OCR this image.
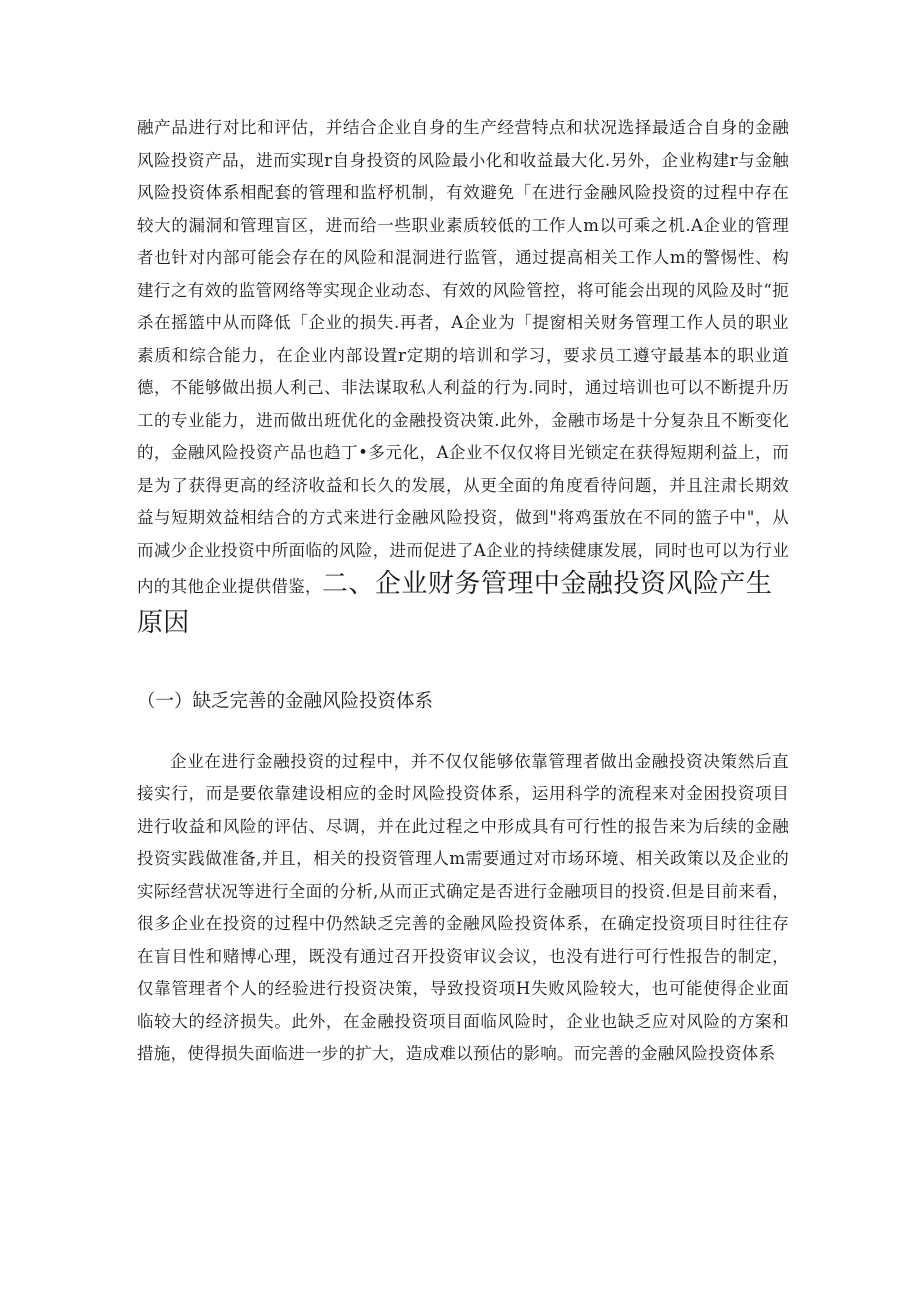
融产品进行对比和评估，并结合企业自身的生产经营特点和状况选择最适合自身的金融风险投资产品，进而实现r自身投资的风险最小化和收益最大化.另外，企业构建r与金触风险投资体系相配套的管理和监杼机制，有效避免「在进行金融风险投资的过程中存在较大的漏洞和管理盲区，进而给一些职业素质较低的工作人m以可乘之机.A企业的管理者也针对内部可能会存在的风险和混洞进行监管，通过提高相关工作人m的警惕性、构建行之有效的监管网络等实现企业动态、有效的风险管控，将可能会出现的风险及时“扼杀在摇篮中从而降低「企业的损失.再者，A企业为「提窗相关财务管理工作人员的职业素质和综合能力，在企业内部设置r定期的培训和学习，要求员工遵守最基本的职业道德，不能够做出损人利己、非法谋取私人利益的行为.同时，通过培训也可以不断提升历工的专业能力，进而做出班优化的金融投资决策.此外，金融市场是十分复杂且不断变化的，金融风险投资产品也趋丁•多元化，A企业不仅仅将目光锁定在获得短期利益上，而是为了获得更高的经济收益和长久的发展，从更全面的角度看待问题，并且注肃长期效益与短期效益相结合的方式来进行金融风险投资，做到"将鸡蛋放在不同的篮子中"，从而减少企业投资中所面临的风险，进而促进了A企业的持续健康发展，同时也可以为行业内的其他企业提供借鉴，二、企业财务管理中金融投资风险产生
原因

（一）缺乏完善的金融风险投资体系

企业在进行金融投资的过程中，并不仅仅能够依靠管理者做出金融投资决策然后直接实行，而是要依靠建设相应的金时风险投资体系，运用科学的流程来对金困投资项目进行收益和风险的评估、尽调，并在此过程之中形成具有可行性的报告来为后续的金融投资实践做准备,并且，相关的投资管理人m需要通过对市场环境、相关政策以及企业的实际经营状况等进行全面的分析,从而正式确定是否进行金融项目的投资.但是目前来看，很多企业在投资的过程中仍然缺乏完善的金融风险投资体系，在确定投资项目时往往存在盲目性和赌博心理，既没有通过召开投资审议会议，也没有进行可行性报告的制定，仅靠管理者个人的经验进行投资决策，导致投资项H失败风险较大，也可能使得企业面临较大的经济损失。此外，在金融投资项目面临风险时，企业也缺乏应对风险的方案和措施，使得损失面临进一步的扩大，造成难以预估的影响。而完善的金融风险投资体系
